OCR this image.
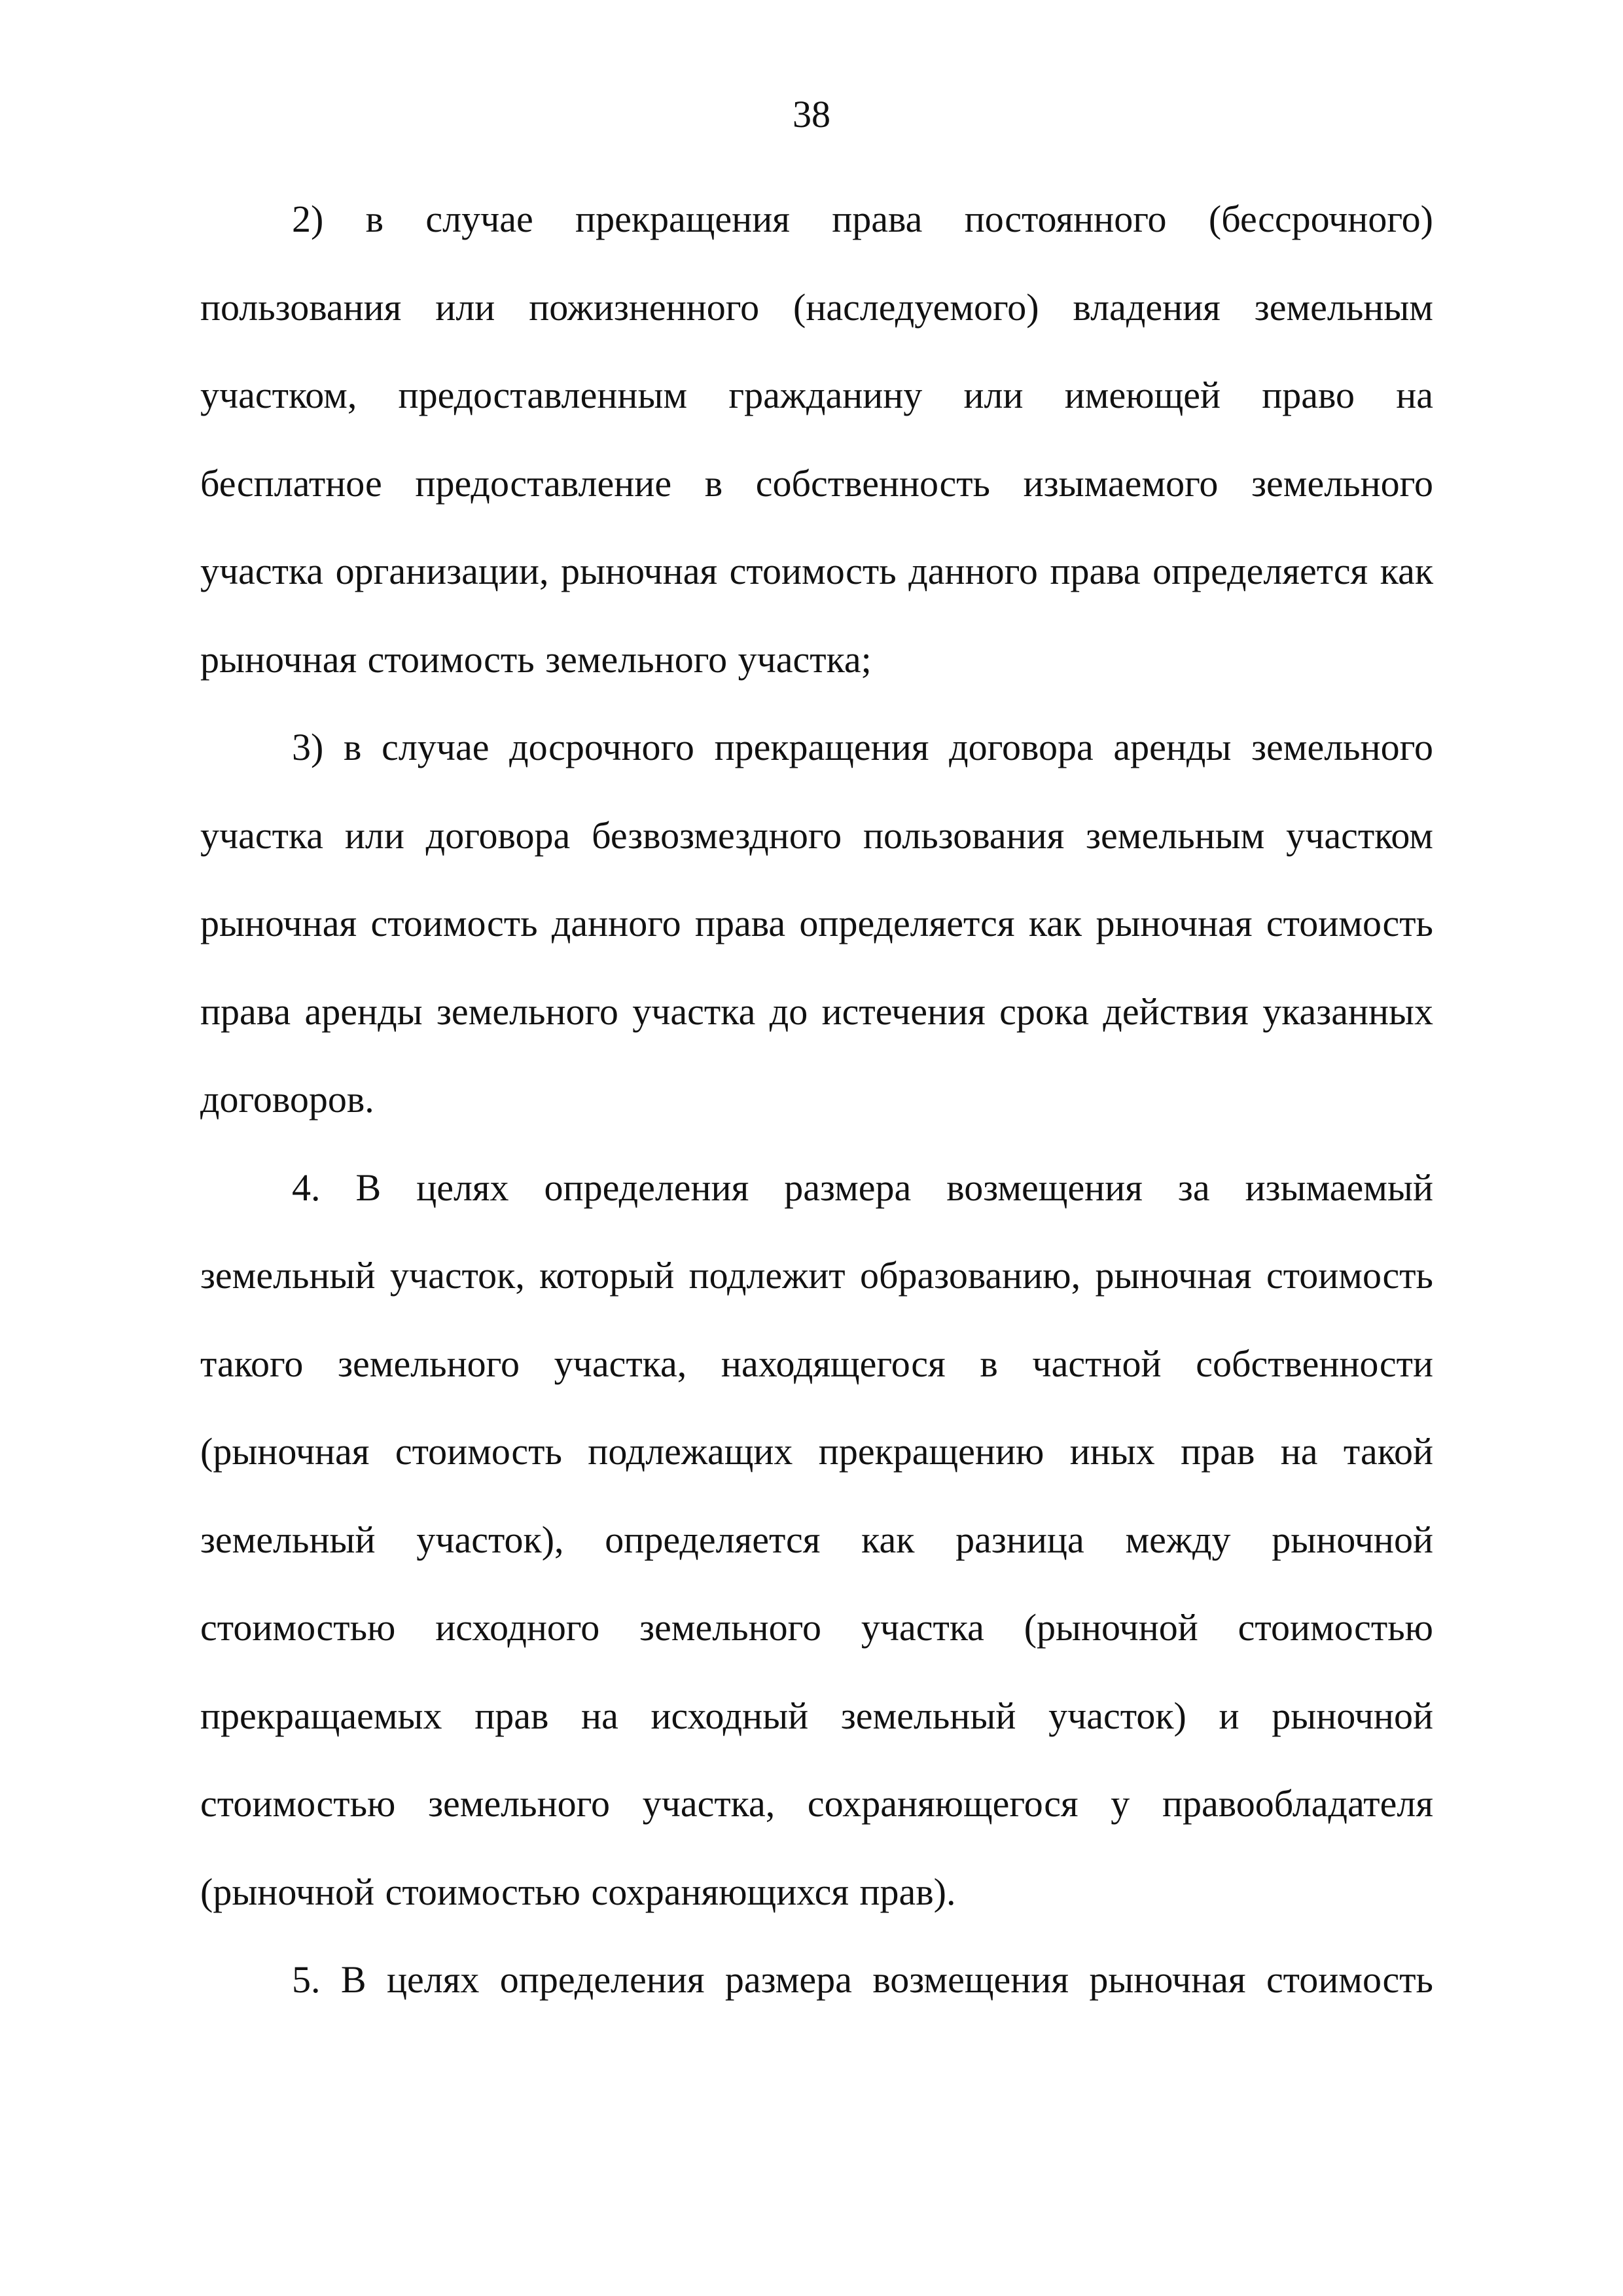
38

2) в случае прекращения права постоянного (бессрочного) пользования или пожизненного (наследуемого) владения земельным участком, предоставленным гражданину или имеющей право на бесплатное предоставление в собственность изымаемого земельного участка организации, рыночная стоимость данного права определяется как рыночная стоимость земельного участка;

3) в случае досрочного прекращения договора аренды земельного участка или договора безвозмездного пользования земельным участком рыночная стоимость данного права определяется как рыночная стоимость права аренды земельного участка до истечения срока действия указанных договоров.

4. В целях определения размера возмещения за изымаемый земельный участок, который подлежит образованию, рыночная стоимость такого земельного участка, находящегося в частной собственности (рыночная стоимость подлежащих прекращению иных прав на такой земельный участок), определяется как разница между рыночной стоимостью исходного земельного участка (рыночной стоимостью прекращаемых прав на исходный земельный участок) и рыночной стоимостью земельного участка, сохраняющегося у правообладателя (рыночной стоимостью сохраняющихся прав).

5. В целях определения размера возмещения рыночная стоимость
